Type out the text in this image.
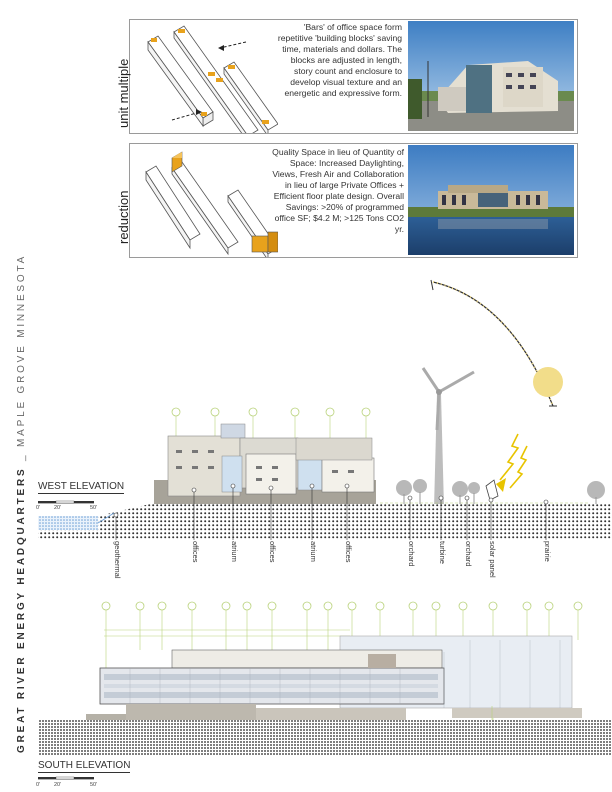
GREAT RIVER ENERGY HEADQUARTERS _ MAPLE GROVE MINNESOTA
unit multiple
'Bars' of office space form repetitive 'building blocks' saving time, materials and dollars. The blocks are adjusted in length, story count and enclosure to develop visual texture and an energetic and expressive form.
reduction
Quality Space in lieu of Quantity of Space: Increased Daylighting, Views, Fresh Air and Collaboration in lieu of large Private Offices + Efficient floor plate design. Overall Savings: >20% of programmed office SF; $4.2 M; >125 Tons CO2 yr.
WEST ELEVATION
0'	20'	50'
geothermal	offices	atrium	offices	atrium	offices	orchard	turbine orchard solar panel	prairie
SOUTH ELEVATION
0'	20'	50'
